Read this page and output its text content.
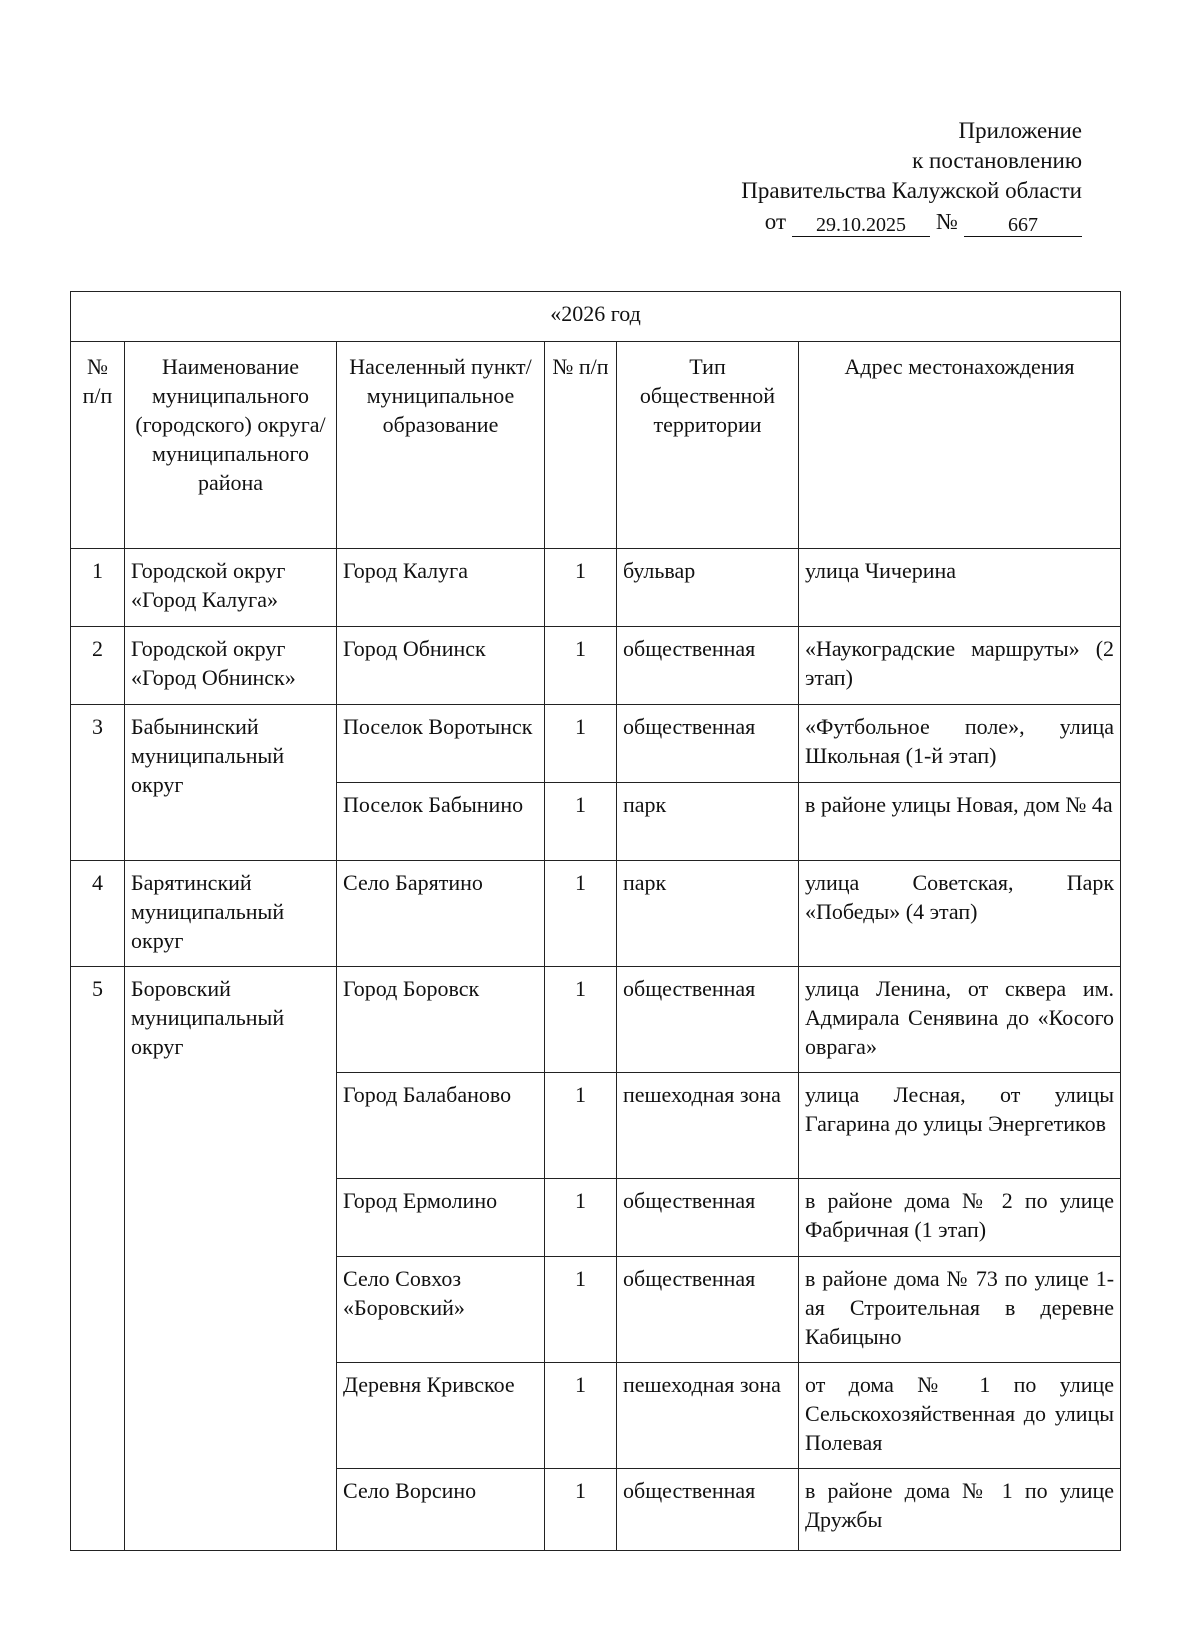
Приложение
к постановлению
Правительства Калужской области
от	29.10.2025	№	667
«2026 год					
№ п/п	Наименование муниципального (городского) округа/ муниципального района	Населенный пункт/ муниципальное образование	№ п/п	Тип общественной территории	Адрес местонахождения
1	Городской округ «Город Калуга»	Город Калуга	1	бульвар	улица Чичерина
2	Городской округ «Город Обнинск»	Город Обнинск	1	общественная	«Наукоградские маршруты» (2 этап)
3	Бабынинский муниципальный округ	Поселок Воротынск	1	общественная	«Футбольное поле», улица Школьная (1-й этап)
		Поселок Бабынино	1	парк	в районе улицы Новая, дом № 4а
4	Барятинский муниципальный округ	Село Барятино	1	парк	улица Советская, Парк «Победы» (4 этап)
5	Боровский муниципальный округ	Город Боровск	1	общественная	улица Ленина, от сквера им. Адмирала Сенявина до «Косого оврага»
		Город Балабаново	1	пешеходная зона	улица Лесная, от улицы Гагарина до улицы Энергетиков
		Город Ермолино	1	общественная	в районе дома № 2 по улице Фабричная (1 этап)
		Село Совхоз «Боровский»	1	общественная	в районе дома № 73 по улице 1-ая Строительная в деревне Кабицыно
		Деревня Кривское	1	пешеходная зона	от дома № 1 по улице Сельскохозяйственная до улицы Полевая
		Село Ворсино	1	общественная	в районе дома № 1 по улице Дружбы
